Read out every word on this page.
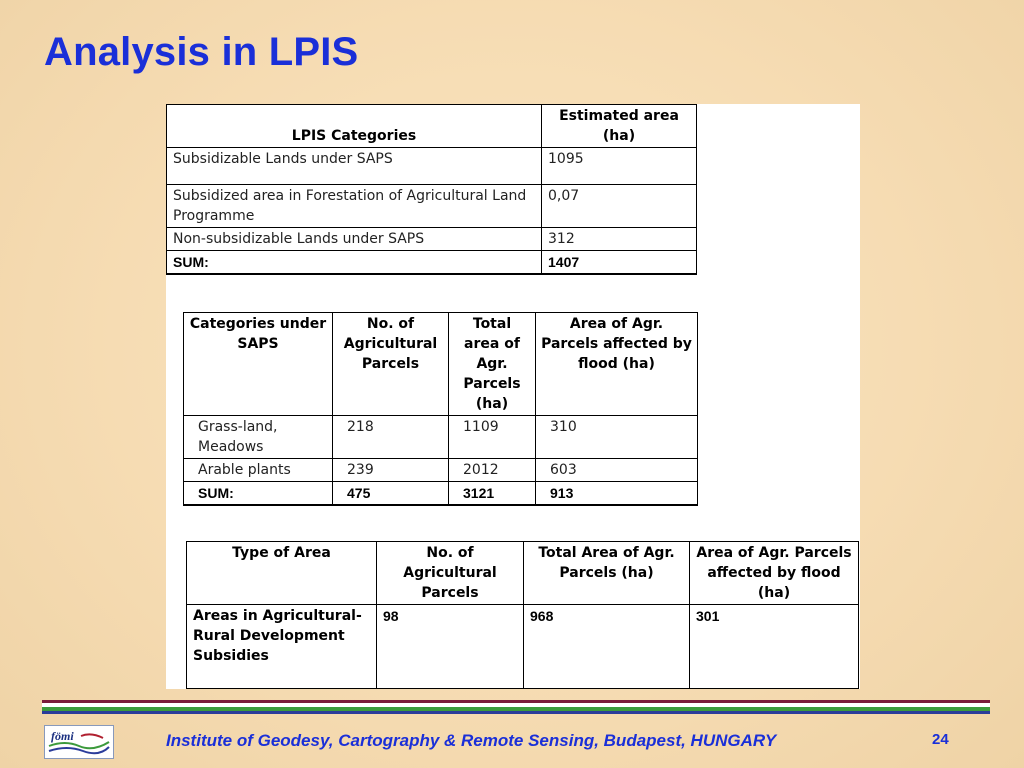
Analysis in LPIS
LPIS Categories	Estimated area (ha)
Subsidizable Lands under SAPS	1095
Subsidized area in Forestation of Agricultural Land Programme	0,07
Non-subsidizable Lands under SAPS	312
SUM:	1407
Categories under SAPS	No. of Agricultural Parcels	Total area of Agr. Parcels (ha)	Area of Agr. Parcels affected by flood (ha)
Grass-land, Meadows	218	1109	310
Arable plants	239	2012	603
SUM:	475	3121	913
Type of Area	No. of Agricultural Parcels	Total Area of Agr. Parcels (ha)	Area of Agr. Parcels affected by flood (ha)
Areas in Agricultural-Rural Development Subsidies	98	968	301
fömi	Institute of Geodesy, Cartography & Remote Sensing, Budapest, HUNGARY	24
